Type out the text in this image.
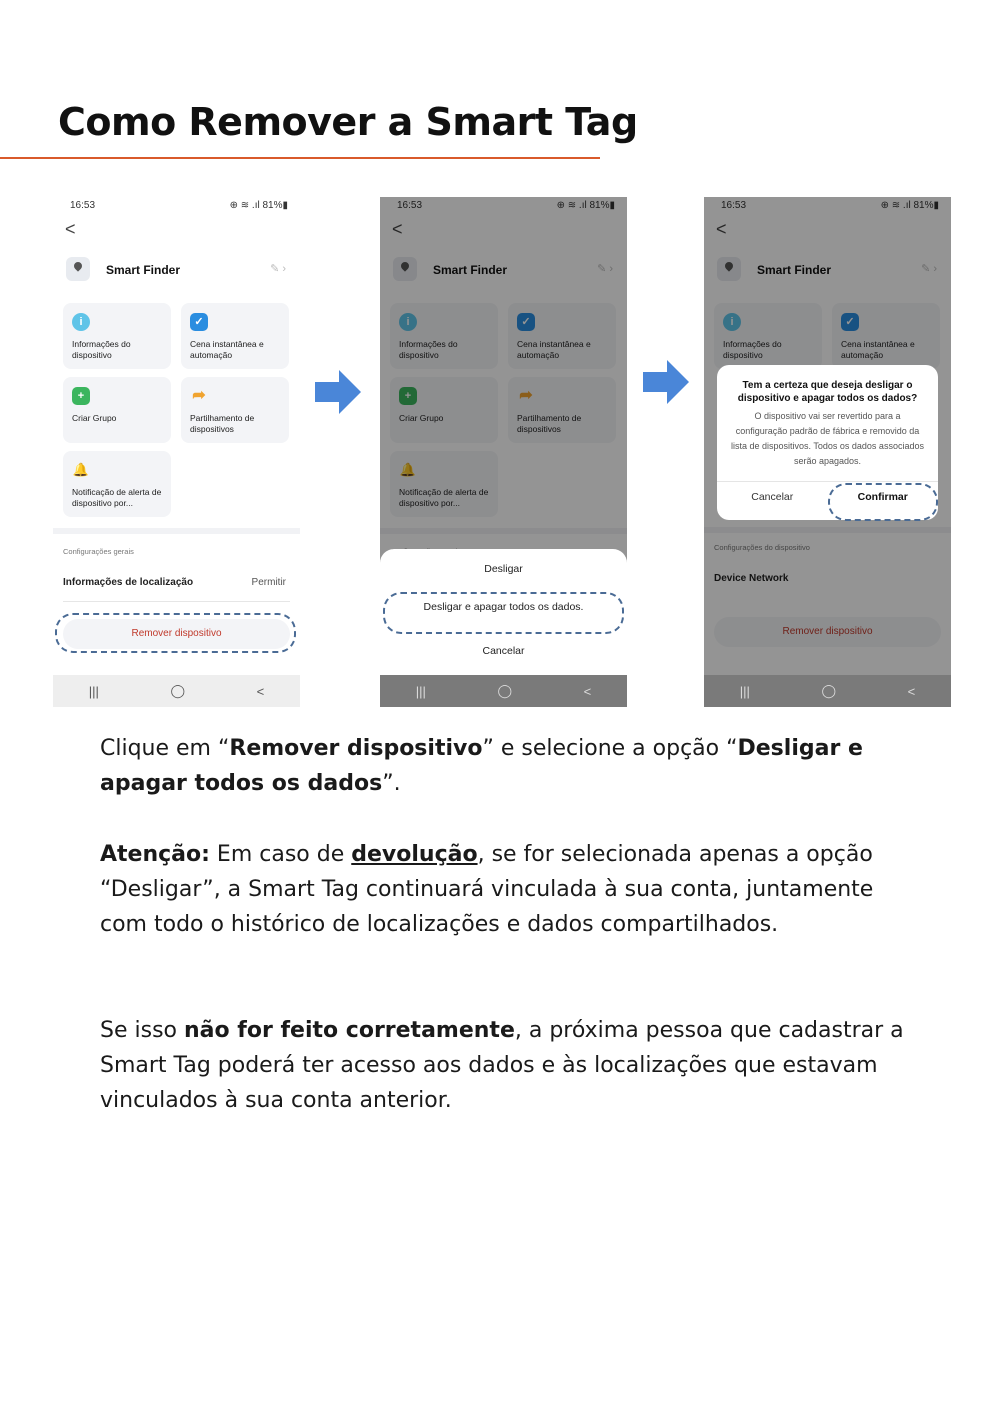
Como Remover a Smart Tag
16:53	⊕ ≋ .ıl 81%▮
<
Smart Finder	✎ ›
i
Informações do dispositivo
✓
Cena instantânea e automação
+
Criar Grupo
➦
Partilhamento de dispositivos
🔔
Notificação de alerta de dispositivo por...
Configurações gerais
Informações de localização	Permitir
Remover dispositivo
|||	◯	<
16:53	⊕ ≋ .ıl 81%▮
<
Smart Finder	✎ ›
i
Informações do dispositivo
✓
Cena instantânea e automação
+
Criar Grupo
➦
Partilhamento de dispositivos
🔔
Notificação de alerta de dispositivo por...
Desligar
Desligar e apagar todos os dados.
Cancelar
|||	◯	<
16:53	⊕ ≋ .ıl 81%▮
<
Smart Finder	✎ ›
i
Informações do dispositivo
✓
Cena instantânea e automação
Configurações do dispositivo
Device Network
Remover dispositivo
Tem a certeza que deseja desligar o dispositivo e apagar todos os dados?
O dispositivo vai ser revertido para a configuração padrão de fábrica e removido da lista de dispositivos. Todos os dados associados serão apagados.
Cancelar	Confirmar
|||	◯	<
Clique em “Remover dispositivo” e selecione a opção “Desligar e apagar todos os dados”.
Atenção: Em caso de devolução, se for selecionada apenas a opção “Desligar”, a Smart Tag continuará vinculada à sua conta, juntamente com todo o histórico de localizações e dados compartilhados.
Se isso não for feito corretamente, a próxima pessoa que cadastrar a Smart Tag poderá ter acesso aos dados e às localizações que estavam vinculados à sua conta anterior.
